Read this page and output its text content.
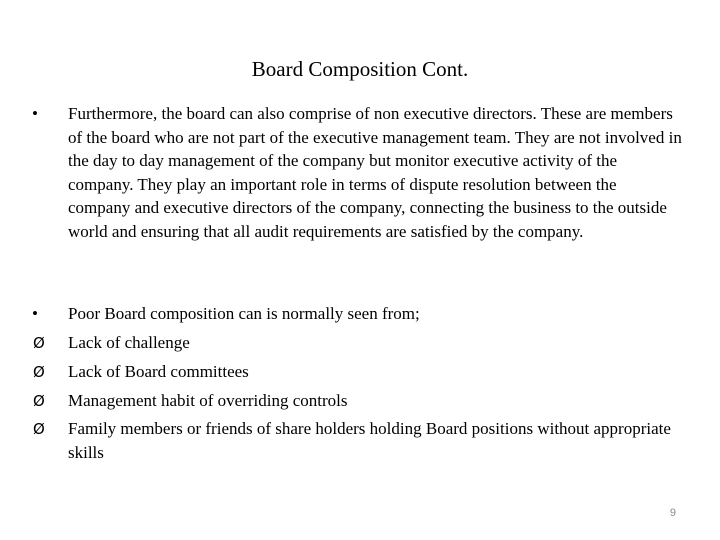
Board Composition Cont.
•	Furthermore, the board can also comprise of non executive directors. These are members of the board who are not part of the executive management team. They are not involved in the day to day management of the company but monitor executive activity of the company. They play an important role in terms of dispute resolution between the company and executive directors of the company, connecting the business to the outside world and ensuring that all audit requirements are satisfied by the company.
•	Poor Board composition can is normally seen from;
Ø	Lack of challenge
Ø	Lack of Board committees
Ø	Management habit of overriding controls
Ø	Family members or friends of share holders holding Board positions without appropriate skills
9
